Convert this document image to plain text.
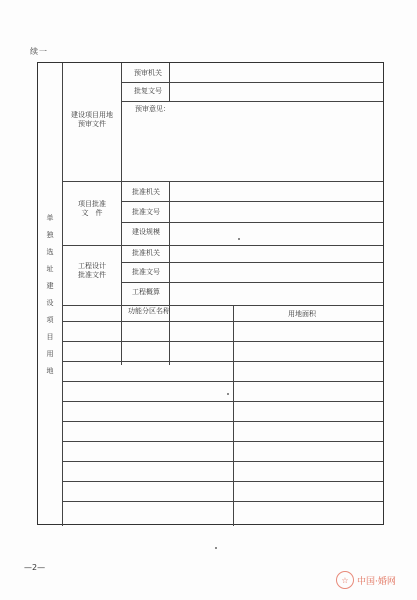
续一
单
独
选
址
建
设
项
目
用
地
建设项目用地
预审文件
预审机关
批复文号
预审意见：
项目批准
文　件
批准机关
批准文号
建设规模
工程设计
批准文件
批准机关
批准文号
工程概算
功能分区名称	用地面积
—2—
☆ 中国·婚网
